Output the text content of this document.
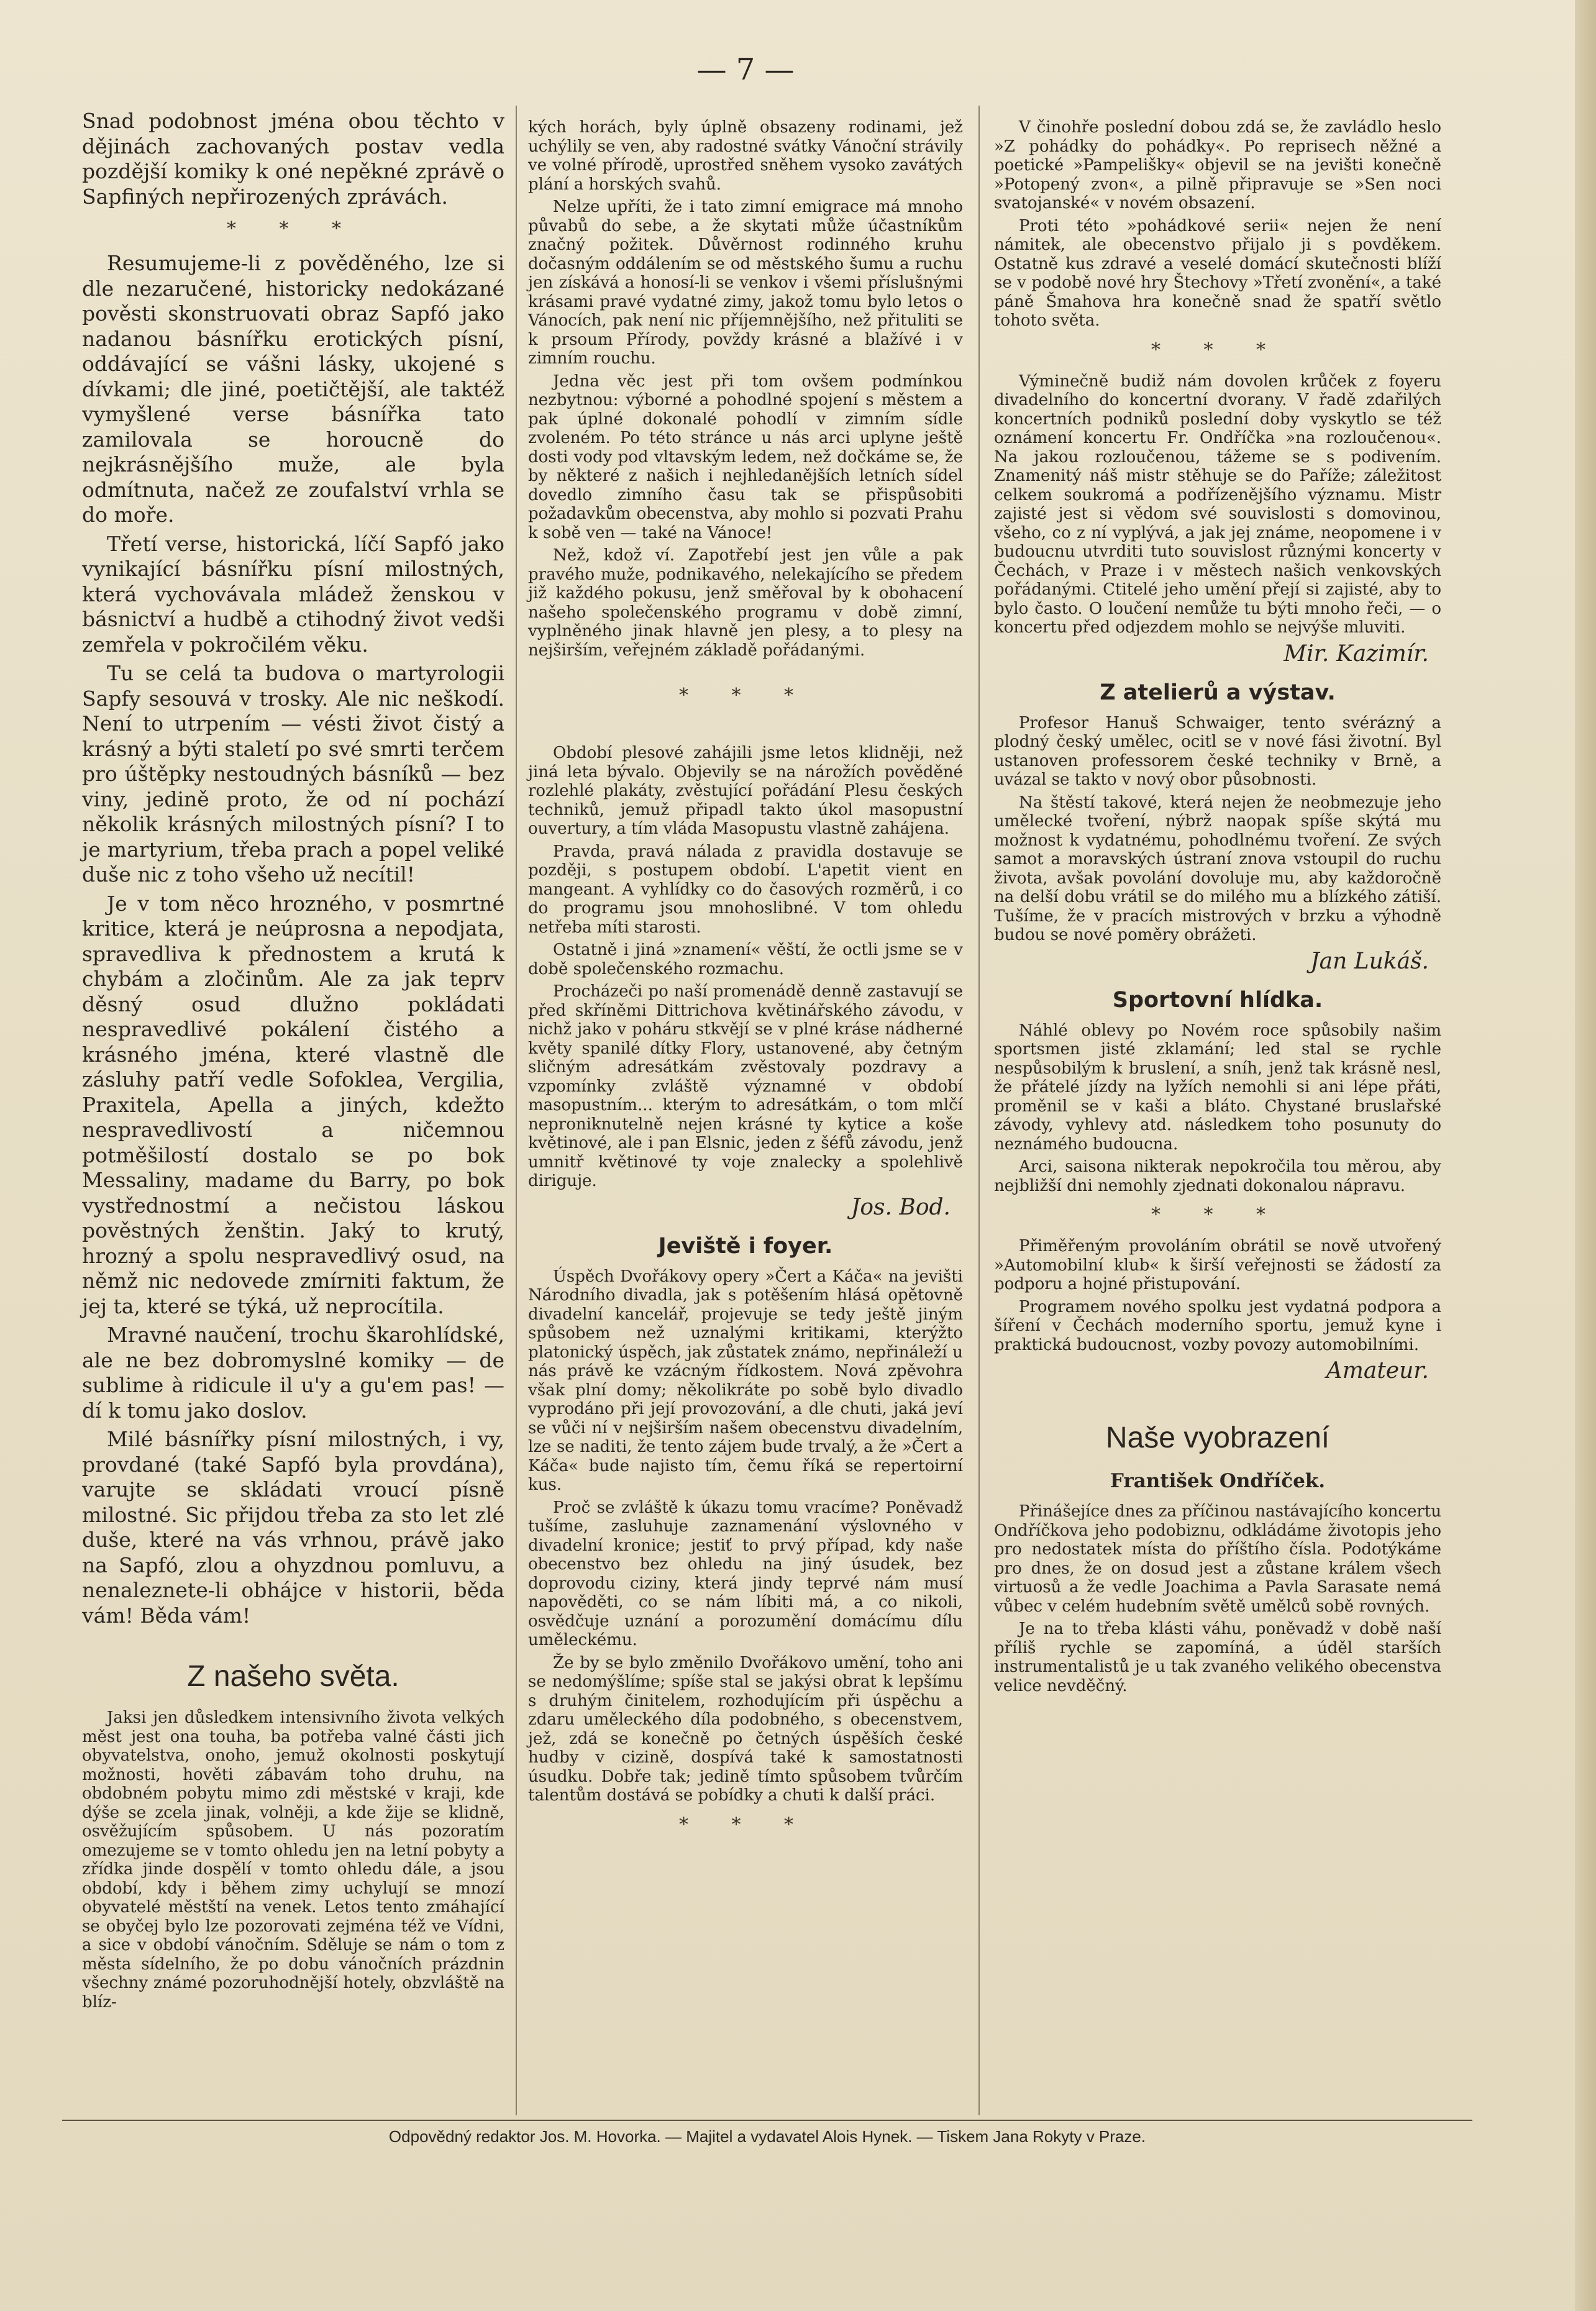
— 7 —

Snad podobnost jména obou těchto v dějinách zachovaných postav vedla pozdější komiky k oné nepěkné zprávě o Sapfiných nepřirozených zprávách.

* * *

Resumujeme-li z pověděného, lze si dle nezaručené, historicky nedokázané pověsti skonstruovati obraz Sapfó jako nadanou básnířku erotických písní, oddávající se vášni lásky, ukojené s dívkami; dle jiné, poetičtější, ale taktéž vymyšlené verse básnířka tato zamilovala se horoucně do nejkrásnějšího muže, ale byla odmítnuta, načež ze zoufalství vrhla se do moře.

Třetí verse, historická, líčí Sapfó jako vynikající básnířku písní milostných, která vychovávala mládež ženskou v básnictví a hudbě a ctihodný život vedši zemřela v pokročilém věku.

Tu se celá ta budova o martyrologii Sapfy sesouvá v trosky. Ale nic neškodí. Není to utrpením — vésti život čistý a krásný a býti staletí po své smrti terčem pro úštěpky nestoudných básníků — bez viny, jedině proto, že od ní pochází několik krásných milostných písní? I to je martyrium, třeba prach a popel veliké duše nic z toho všeho už necítil!

Je v tom něco hrozného, v posmrtné kritice, která je neúprosna a nepodjata, spravedliva k přednostem a krutá k chybám a zločinům. Ale za jak teprv děsný osud dlužno pokládati nespravedlivé pokálení čistého a krásného jména, které vlastně dle zásluhy patří vedle Sofoklea, Vergilia, Praxitela, Apella a jiných, kdežto nespravedlivostí a ničemnou potměšilostí dostalo se po bok Messaliny, madame du Barry, po bok vystřednostmí a nečistou láskou pověstných ženštin. Jaký to krutý, hrozný a spolu nespravedlivý osud, na němž nic nedovede zmírniti faktum, že jej ta, které se týká, už neprocítila.

Mravné naučení, trochu škarohlídské, ale ne bez dobromyslné komiky — de sublime à ridicule il u'y a gu'em pas! — dí k tomu jako doslov.

Milé básnířky písní milostných, i vy, provdané (také Sapfó byla provdána), varujte se skládati vroucí písně milostné. Sic přijdou třeba za sto let zlé duše, které na vás vrhnou, právě jako na Sapfó, zlou a ohyzdnou pomluvu, a nenaleznete-li obhájce v historii, běda vám! Běda vám!

Z našeho světa.

Jaksi jen důsledkem intensivního života velkých měst jest ona touha, ba potřeba valné části jich obyvatelstva, onoho, jemuž okolnosti poskytují možnosti, hověti zábavám toho druhu, na obdobném pobytu mimo zdi městské v kraji, kde dýše se zcela jinak, volněji, a kde žije se klidně, osvěžujícím spůsobem. U nás pozoratím omezujeme se v tomto ohledu jen na letní pobyty a zřídka jinde dospělí v tomto ohledu dále, a jsou období, kdy i během zimy uchylují se mnozí obyvatelé městští na venek. Letos tento zmáhající se obyčej bylo lze pozorovati zejména též ve Vídni, a sice v období vánočním. Sděluje se nám o tom z města sídelního, že po dobu vánočních prázdnin všechny známé pozoruhodnější hotely, obzvláště na blíz-

kých horách, byly úplně obsazeny rodinami, jež uchýlily se ven, aby radostné svátky Vánoční strávily ve volné přírodě, uprostřed sněhem vysoko zavátých plání a horských svahů.

Nelze upříti, že i tato zimní emigrace má mnoho půvabů do sebe, a že skytati může účastníkům značný požitek. Důvěrnost rodinného kruhu dočasným oddálením se od městského šumu a ruchu jen získává a honosí-li se venkov i všemi příslušnými krásami pravé vydatné zimy, jakož tomu bylo letos o Vánocích, pak není nic příjemnějšího, než přituliti se k prsoum Přírody, povždy krásné a blažívé i v zimním rouchu.

Jedna věc jest při tom ovšem podmínkou nezbytnou: výborné a pohodlné spojení s městem a pak úplné dokonalé pohodlí v zimním sídle zvoleném. Po této stránce u nás arci uplyne ještě dosti vody pod vltavským ledem, než dočkáme se, že by některé z našich i nejhledanějších letních sídel dovedlo zimního času tak se přispůsobiti požadavkům obecenstva, aby mohlo si pozvati Prahu k sobě ven — také na Vánoce!

Než, kdož ví. Zapotřebí jest jen vůle a pak pravého muže, podnikavého, nelekajícího se předem již každého pokusu, jenž směřoval by k obohacení našeho společenského programu v době zimní, vyplněného jinak hlavně jen plesy, a to plesy na nejširším, veřejném základě pořádanými.

* * *

Období plesové zahájili jsme letos klidněji, než jiná leta bývalo. Objevily se na nárožích pověděné rozlehlé plakáty, zvěstující pořádání Plesu českých techniků, jemuž připadl takto úkol masopustní ouvertury, a tím vláda Masopustu vlastně zahájena.

Pravda, pravá nálada z pravidla dostavuje se později, s postupem období. L'apetit vient en mangeant. A vyhlídky co do časových rozměrů, i co do programu jsou mnohoslibné. V tom ohledu netřeba míti starosti.

Ostatně i jiná »znamení« věští, že octli jsme se v době společenského rozmachu.

Procházeči po naší promenádě denně zastavují se před skříněmi Dittrichova květinářského závodu, v nichž jako v poháru stkvějí se v plné kráse nádherné květy spanilé dítky Flory, ustanovené, aby četným sličným adresátkám zvěstovaly pozdravy a vzpomínky zvláště významné v období masopustním... kterým to adresátkám, o tom mlčí neproniknutelně nejen krásné ty kytice a koše květinové, ale i pan Elsnic, jeden z šéfů závodu, jenž umnitř květinové ty voje znalecky a spolehlivě diriguje.

Jos. Bod.
Jeviště i foyer.

Úspěch Dvořákovy opery »Čert a Káča« na jevišti Národního divadla, jak s potěšením hlásá opětovně divadelní kancelář, projevuje se tedy ještě jiným spůsobem než uznalými kritikami, kterýžto platonický úspěch, jak zůstatek známo, nepřináleží u nás právě ke vzácným řídkostem. Nová zpěvohra však plní domy; několikráte po sobě bylo divadlo vyprodáno při její provozování, a dle chuti, jaká jeví se vůči ní v nejširším našem obecenstvu divadelním, lze se naditi, že tento zájem bude trvalý, a že »Čert a Káča« bude najisto tím, čemu říká se repertoirní kus.

Proč se zvláště k úkazu tomu vracíme? Poněvadž tušíme, zasluhuje zaznamenání výslovného v divadelní kronice; jestiť to prvý případ, kdy naše obecenstvo bez ohledu na jiný úsudek, bez doprovodu ciziny, která jindy teprvé nám musí napověděti, co se nám líbiti má, a co nikoli, osvědčuje uznání a porozumění domácímu dílu uměleckému.

Že by se bylo změnilo Dvořákovo umění, toho ani se nedomýšlíme; spíše stal se jakýsi obrat k lepšímu s druhým činitelem, rozhodujícím při úspěchu a zdaru uměleckého díla podobného, s obecenstvem, jež, zdá se konečně po četných úspěších české hudby v cizině, dospívá také k samostatnosti úsudku. Dobře tak; jedině tímto spůsobem tvůrčím talentům dostává se pobídky a chuti k další práci.

* * *

V činohře poslední dobou zdá se, že zavládlo heslo »Z pohádky do pohádky«. Po reprisech něžné a poetické »Pampelišky« objevil se na jevišti konečně »Potopený zvon«, a pilně připravuje se »Sen noci svatojanské« v novém obsazení.

Proti této »pohádkové serii« nejen že není námitek, ale obecenstvo přijalo ji s povděkem. Ostatně kus zdravé a veselé domácí skutečnosti blíží se v podobě nové hry Štechovy »Třetí zvonění«, a také páně Šmahova hra konečně snad že spatří světlo tohoto světa.

* * *

Výminečně budiž nám dovolen krůček z foyeru divadelního do koncertní dvorany. V řadě zdařilých koncertních podniků poslední doby vyskytlo se též oznámení koncertu Fr. Ondříčka »na rozloučenou«. Na jakou rozloučenou, tážeme se s podivením. Znamenitý náš mistr stěhuje se do Paříže; záležitost celkem soukromá a podřízenějšího významu. Mistr zajisté jest si vědom své souvislosti s domovinou, všeho, co z ní vyplývá, a jak jej známe, neopomene i v budoucnu utvrditi tuto souvislost různými koncerty v Čechách, v Praze i v městech našich venkovských pořádanými. Ctitelé jeho umění přejí si zajisté, aby to bylo často. O loučení nemůže tu býti mnoho řeči, — o koncertu před odjezdem mohlo se nejvýše mluviti.

Mir. Kazimír.
Z atelierů a výstav.

Profesor Hanuš Schwaiger, tento svérázný a plodný český umělec, ocitl se v nové fási životní. Byl ustanoven professorem české techniky v Brně, a uvázal se takto v nový obor působnosti.

Na štěstí takové, která nejen že neobmezuje jeho umělecké tvoření, nýbrž naopak spíše skýtá mu možnost k vydatnému, pohodlnému tvoření. Ze svých samot a moravských ústraní znova vstoupil do ruchu života, avšak povolání dovoluje mu, aby každoročně na delší dobu vrátil se do milého mu a blízkého zátiší. Tušíme, že v pracích mistrových v brzku a výhodně budou se nové poměry obrážeti.

Jan Lukáš.
Sportovní hlídka.

Náhlé oblevy po Novém roce spůsobily našim sportsmen jisté zklamání; led stal se rychle nespůsobilým k bruslení, a sníh, jenž tak krásně nesl, že přátelé jízdy na lyžích nemohli si ani lépe přáti, proměnil se v kaši a bláto. Chystané bruslařské závody, vyhlevy atd. následkem toho posunuty do neznámého budoucna.

Arci, saisona nikterak nepokročila tou měrou, aby nejbližší dni nemohly zjednati dokonalou nápravu.

* * *

Přiměřeným provoláním obrátil se nově utvořený »Automobilní klub« k širší veřejnosti se žádostí za podporu a hojné přistupování.

Programem nového spolku jest vydatná podpora a šíření v Čechách moderního sportu, jemuž kyne i praktická budoucnost, vozby povozy automobilními.

Amateur.
Naše vyobrazení
František Ondříček.

Přinášejíce dnes za příčinou nastávajícího koncertu Ondříčkova jeho podobiznu, odkládáme životopis jeho pro nedostatek místa do příštího čísla. Podotýkáme pro dnes, že on dosud jest a zůstane králem všech virtuosů a že vedle Joachima a Pavla Sarasate nemá vůbec v celém hudebním světě umělců sobě rovných.

Je na to třeba klásti váhu, poněvadž v době naší příliš rychle se zapomíná, a úděl starších instrumentalistů je u tak zvaného velikého obecenstva velice nevděčný.

Odpovědný redaktor Jos. M. Hovorka. — Majitel a vydavatel Alois Hynek. — Tiskem Jana Rokyty v Praze.
